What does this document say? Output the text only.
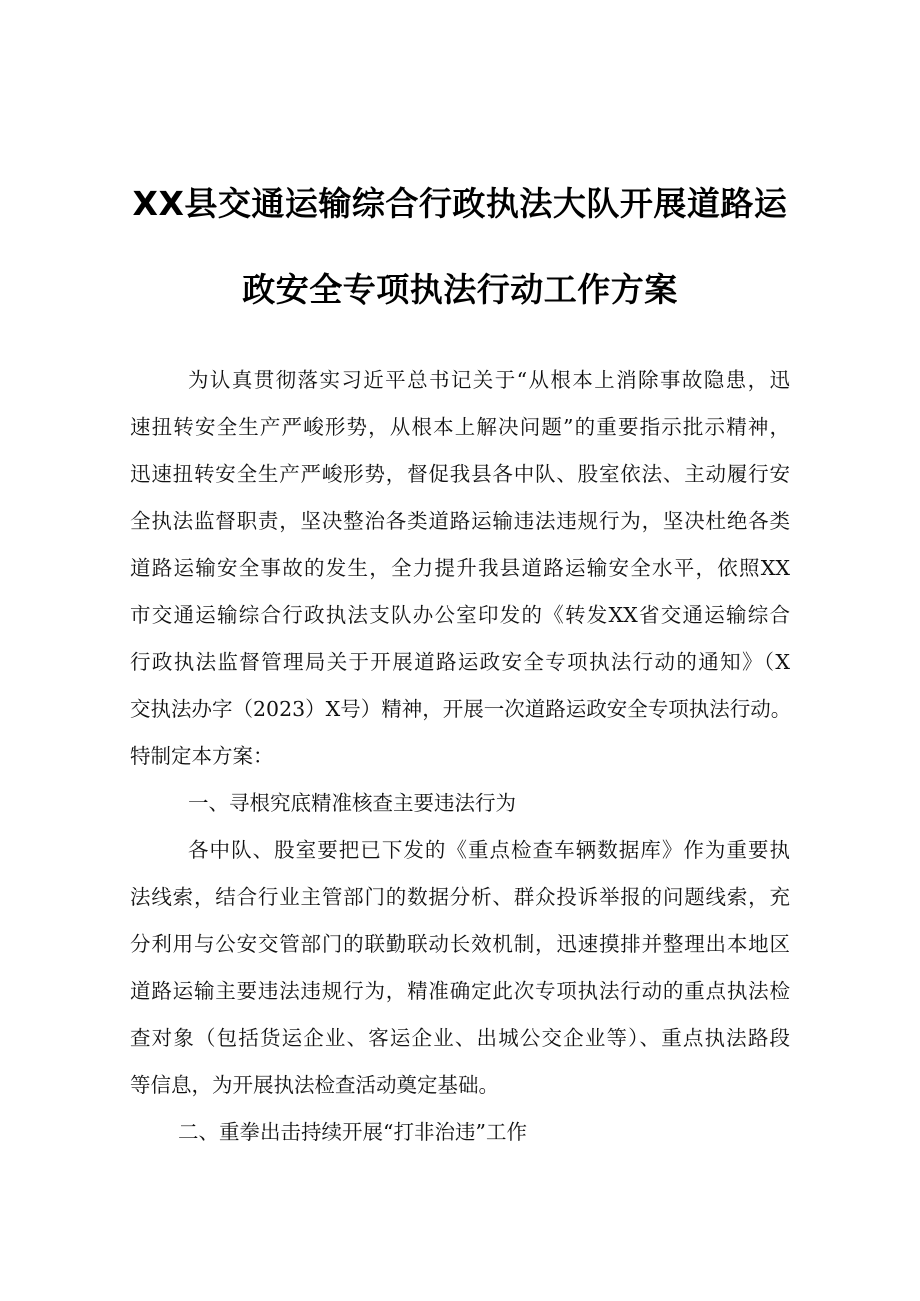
XX县交通运输综合行政执法大队开展道路运
政安全专项执法行动工作方案
为认真贯彻落实习近平总书记关于“从根本上消除事故隐患，迅
速扭转安全生产严峻形势，从根本上解决问题”的重要指示批示精神，
迅速扭转安全生产严峻形势，督促我县各中队、股室依法、主动履行安
全执法监督职责，坚决整治各类道路运输违法违规行为，坚决杜绝各类
道路运输安全事故的发生，全力提升我县道路运输安全水平，依照XX
市交通运输综合行政执法支队办公室印发的《转发XX省交通运输综合
行政执法监督管理局关于开展道路运政安全专项执法行动的通知》（X
交执法办字（2023）X号）精神，开展一次道路运政安全专项执法行动。
特制定本方案：
一、寻根究底精准核查主要违法行为
各中队、股室要把已下发的《重点检查车辆数据库》作为重要执
法线索，结合行业主管部门的数据分析、群众投诉举报的问题线索，充
分利用与公安交管部门的联勤联动长效机制，迅速摸排并整理出本地区
道路运输主要违法违规行为，精准确定此次专项执法行动的重点执法检
查对象（包括货运企业、客运企业、出城公交企业等）、重点执法路段
等信息，为开展执法检查活动奠定基础。
二、重拳出击持续开展“打非治违”工作
